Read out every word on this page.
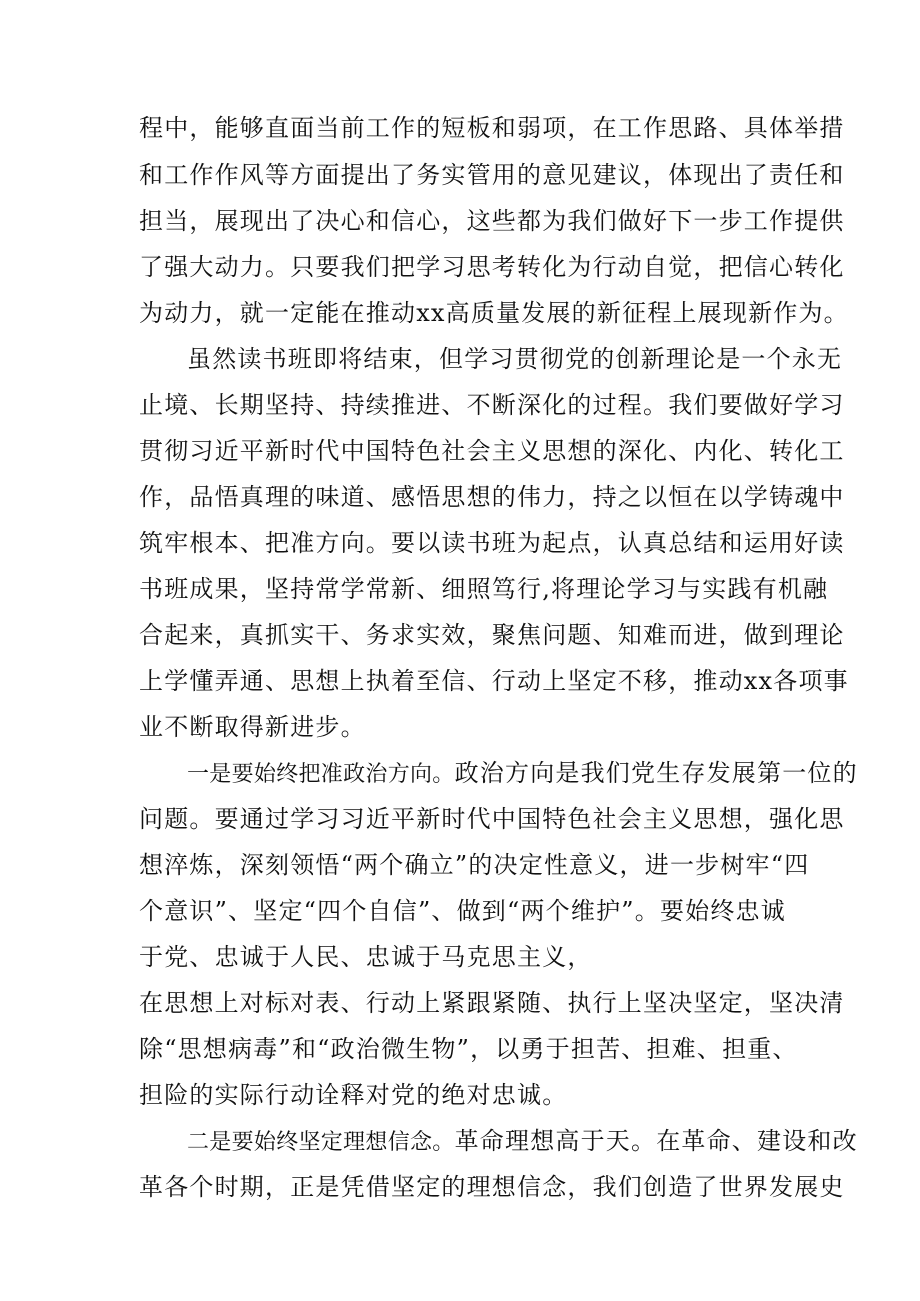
程中，能够直面当前工作的短板和弱项，在工作思路、具体举措
和工作作风等方面提出了务实管用的意见建议，体现出了责任和
担当，展现出了决心和信心，这些都为我们做好下一步工作提供
了强大动力。只要我们把学习思考转化为行动自觉，把信心转化
为动力，就一定能在推动xx高质量发展的新征程上展现新作为。
虽然读书班即将结束，但学习贯彻党的创新理论是一个永无
止境、长期坚持、持续推进、不断深化的过程。我们要做好学习
贯彻习近平新时代中国特色社会主义思想的深化、内化、转化工
作，品悟真理的味道、感悟思想的伟力，持之以恒在以学铸魂中
筑牢根本、把准方向。要以读书班为起点，认真总结和运用好读
书班成果，坚持常学常新、细照笃行,将理论学习与实践有机融
合起来，真抓实干、务求实效，聚焦问题、知难而进，做到理论
上学懂弄通、思想上执着至信、行动上坚定不移，推动xx各项事
业不断取得新进步。
一是要始终把准政治方向。政治方向是我们党生存发展第一位的
问题。要通过学习习近平新时代中国特色社会主义思想，强化思
想淬炼，深刻领悟“两个确立”的决定性意义，进一步树牢“四
个意识”、坚定“四个自信”、做到“两个维护”。要始终忠诚
于党、忠诚于人民、忠诚于马克思主义，
在思想上对标对表、行动上紧跟紧随、执行上坚决坚定，坚决清
除“思想病毒”和“政治微生物”，以勇于担苦、担难、担重、
担险的实际行动诠释对党的绝对忠诚。
二是要始终坚定理想信念。革命理想高于天。在革命、建设和改
革各个时期，正是凭借坚定的理想信念，我们创造了世界发展史
